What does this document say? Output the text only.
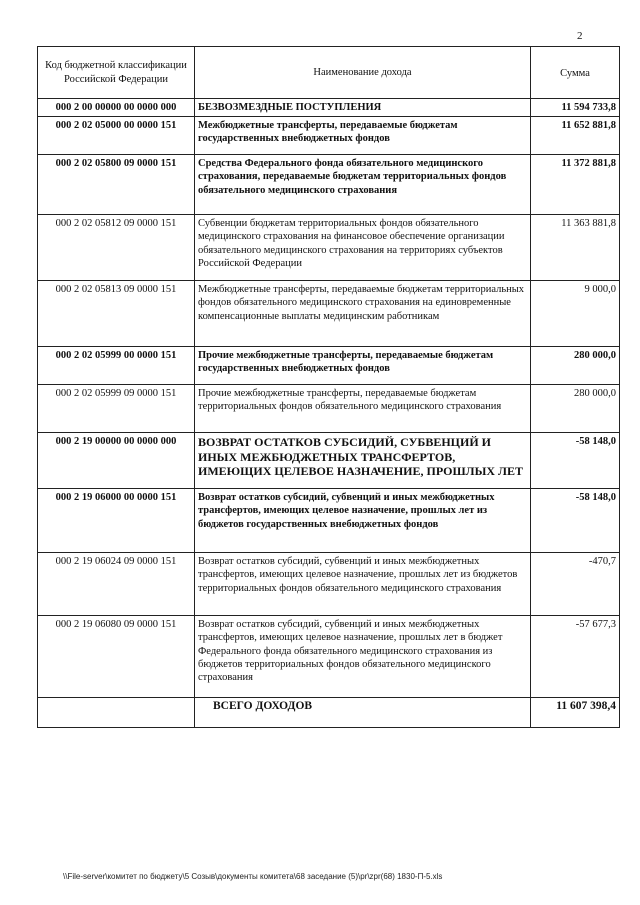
2
Код бюджетной классификации Российской Федерации	Наименование дохода	Сумма
000 2 00 00000 00 0000 000	БЕЗВОЗМЕЗДНЫЕ ПОСТУПЛЕНИЯ	11 594 733,8
000 2 02 05000 00 0000 151	Межбюджетные трансферты, передаваемые бюджетам государственных внебюджетных фондов	11 652 881,8
000 2 02 05800 09 0000 151	Средства Федерального фонда обязательного медицинского страхования, передаваемые бюджетам территориальных фондов обязательного медицинского страхования	11 372 881,8
000 2 02 05812 09 0000 151	Субвенции бюджетам территориальных фондов обязательного медицинского страхования на финансовое обеспечение организации обязательного медицинского страхования на территориях субъектов Российской Федерации	11 363 881,8
000 2 02 05813 09 0000 151	Межбюджетные трансферты, передаваемые бюджетам территориальных фондов обязательного медицинского страхования на единовременные компенсационные выплаты медицинским работникам	9 000,0
000 2 02 05999 00 0000 151	Прочие межбюджетные трансферты, передаваемые бюджетам государственных внебюджетных фондов	280 000,0
000 2 02 05999 09 0000 151	Прочие межбюджетные трансферты, передаваемые бюджетам территориальных фондов обязательного медицинского страхования	280 000,0
000 2 19 00000 00 0000 000	ВОЗВРАТ ОСТАТКОВ СУБСИДИЙ, СУБВЕНЦИЙ И ИНЫХ МЕЖБЮДЖЕТНЫХ ТРАНСФЕРТОВ, ИМЕЮЩИХ ЦЕЛЕВОЕ НАЗНАЧЕНИЕ, ПРОШЛЫХ ЛЕТ	-58 148,0
000 2 19 06000 00 0000 151	Возврат остатков субсидий, субвенций и иных межбюджетных трансфертов, имеющих целевое назначение, прошлых лет из бюджетов государственных внебюджетных фондов	-58 148,0
000 2 19 06024 09 0000 151	Возврат остатков субсидий, субвенций и иных межбюджетных трансфертов, имеющих целевое назначение, прошлых лет из бюджетов территориальных фондов обязательного медицинского страхования	-470,7
000 2 19 06080 09 0000 151	Возврат остатков субсидий, субвенций и иных межбюджетных трансфертов, имеющих целевое назначение, прошлых лет в бюджет Федерального фонда обязательного медицинского страхования из бюджетов территориальных фондов обязательного медицинского страхования	-57 677,3
	ВСЕГО ДОХОДОВ	11 607 398,4
\\File-server\комитет по бюджету\5 Созыв\документы комитета\68 заседание (5)\pr\zpr(68) 1830-П-5.xls
